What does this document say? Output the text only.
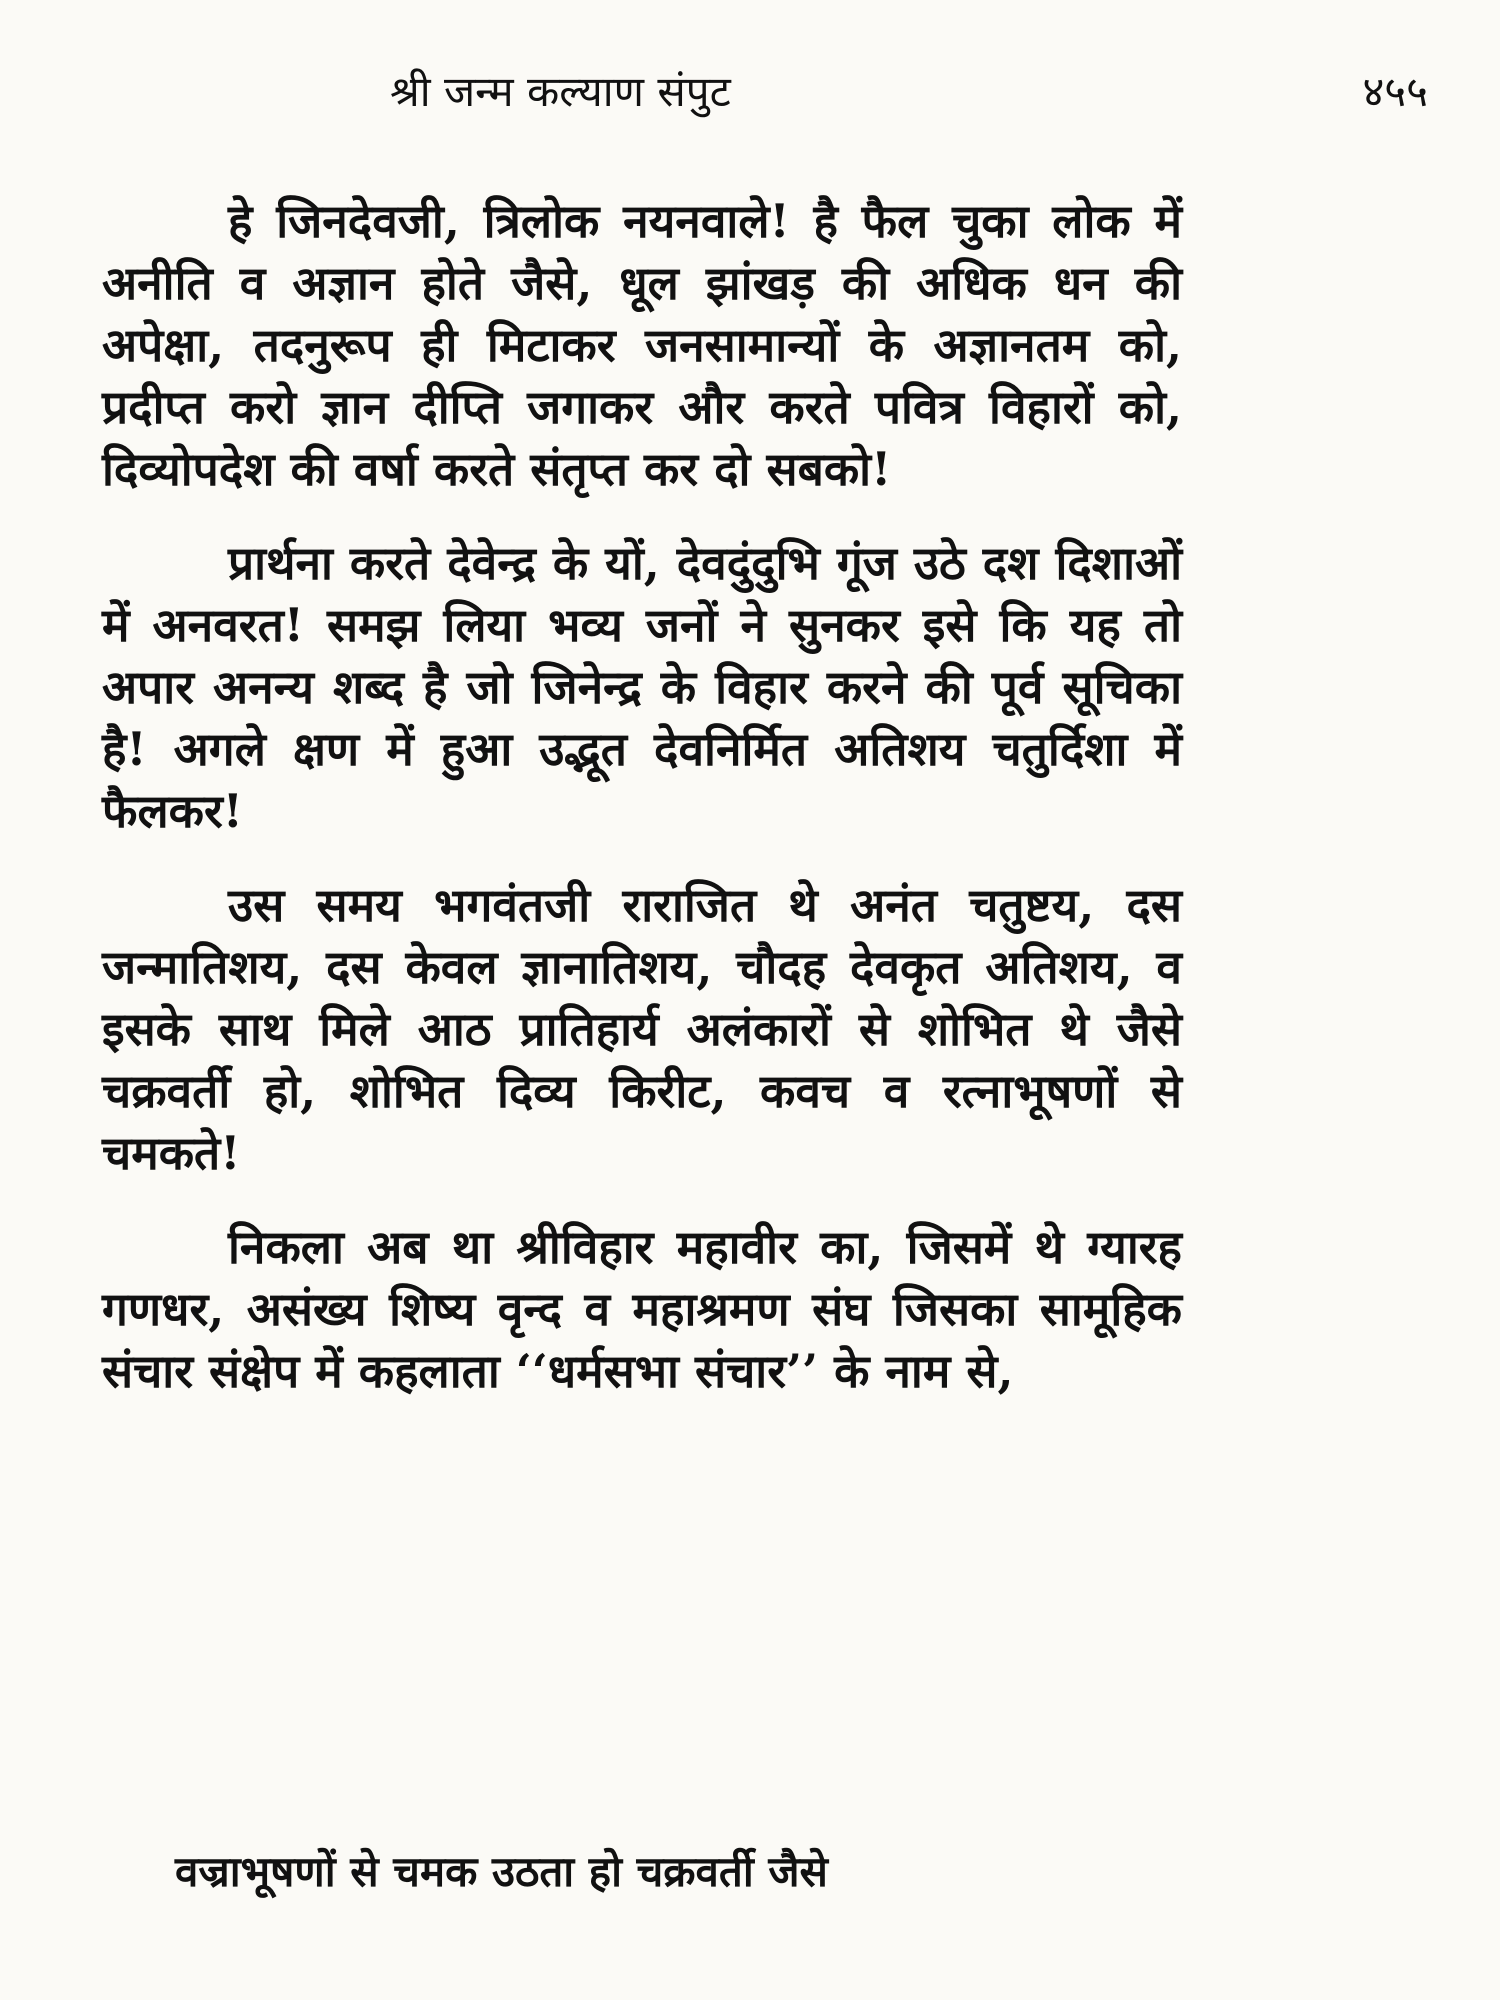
श्री जन्म कल्याण संपुट	४५५

हे जिनदेवजी, त्रिलोक नयनवाले! है फैल चुका लोक में अनीति व अज्ञान होते जैसे, धूल झांखड़ की अधिक धन की अपेक्षा, तदनुरूप ही मिटाकर जनसामान्यों के अज्ञानतम को, प्रदीप्त करो ज्ञान दीप्ति जगाकर और करते पवित्र विहारों को, दिव्योपदेश की वर्षा करते संतृप्त कर दो सबको!

प्रार्थना करते देवेन्द्र के यों, देवदुंदुभि गूंज उठे दश दिशाओं में अनवरत! समझ लिया भव्य जनों ने सुनकर इसे कि यह तो अपार अनन्य शब्द है जो जिनेन्द्र के विहार करने की पूर्व सूचिका है! अगले क्षण में हुआ उद्भूत देवनिर्मित अतिशय चतुर्दिशा में फैलकर!

उस समय भगवंतजी राराजित थे अनंत चतुष्टय, दस जन्मातिशय, दस केवल ज्ञानातिशय, चौदह देवकृत अतिशय, व इसके साथ मिले आठ प्रातिहार्य अलंकारों से शोभित थे जैसे चक्रवर्ती हो, शोभित दिव्य किरीट, कवच व रत्नाभूषणों से चमकते!

निकला अब था श्रीविहार महावीर का, जिसमें थे ग्यारह गणधर, असंख्य शिष्य वृन्द व महाश्रमण संघ जिसका सामूहिक संचार संक्षेप में कहलाता ‘‘धर्मसभा संचार’’ के नाम से,

वज्राभूषणों से चमक उठता हो चक्रवर्ती जैसे
